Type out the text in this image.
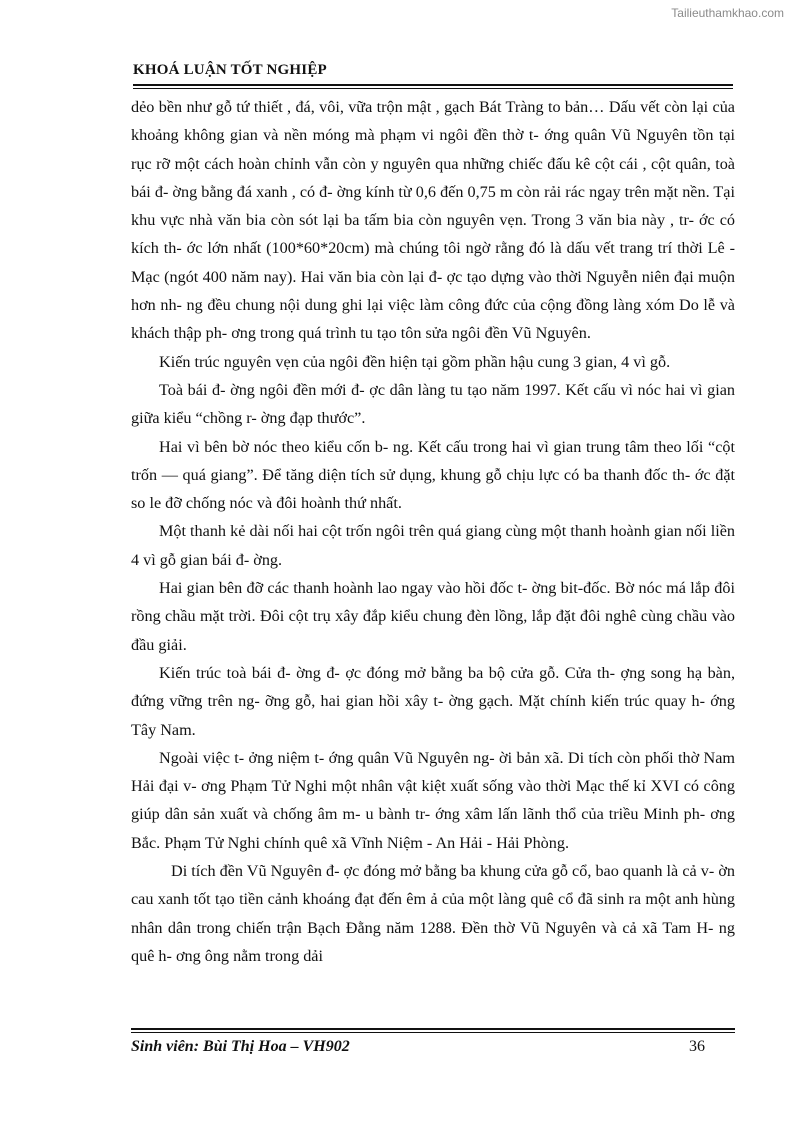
Tailieuthamkhao.com
KHOÁ LUẬN TỐT NGHIỆP

dẻo bền như gỗ tứ thiết , đá, vôi, vữa trộn mật , gạch Bát Tràng to bản… Dấu vết còn lại của khoảng không gian và nền móng mà phạm vi ngôi đền thờ t- ớng quân Vũ Nguyên tồn tại rục rỡ một cách hoàn chỉnh vẫn còn y nguyên qua những chiếc đấu kê cột cái , cột quân, toà bái đ- ờng bằng đá xanh , có đ- ờng kính từ 0,6 đến 0,75 m còn rải rác ngay trên mặt nền. Tại khu vực nhà văn bia còn sót lại ba tấm bia còn nguyên vẹn. Trong 3 văn bia này , tr- ớc có kích th- ớc lớn nhất (100*60*20cm) mà chúng tôi ngờ rằng đó là dấu vết trang trí thời Lê - Mạc (ngót 400 năm nay). Hai văn bia còn lại đ- ợc tạo dựng vào thời Nguyễn niên đại muộn hơn nh- ng đều chung nội dung ghi lại việc làm công đức của cộng đồng làng xóm Do lễ và khách thập ph- ơng trong quá trình tu tạo tôn sửa ngôi đền Vũ Nguyên.

Kiến trúc nguyên vẹn của ngôi đền hiện tại gồm phần hậu cung 3 gian, 4 vì gỗ.

Toà bái đ- ờng ngôi đền mới đ- ợc dân làng tu tạo năm 1997. Kết cấu vì nóc hai vì gian giữa kiểu “chồng r- ờng đạp thước”.

Hai vì bên bờ nóc theo kiểu cốn b- ng. Kết cấu trong hai vì gian trung tâm theo lối “cột trốn — quá giang”. Để tăng diện tích sử dụng, khung gỗ chịu lực có ba thanh đốc th- ớc đặt so le đỡ chống nóc và đôi hoành thứ nhất.

Một thanh kẻ dài nối hai cột trốn ngôi trên quá giang cùng một thanh hoành gian nối liền 4 vì gỗ gian bái đ- ờng.

Hai gian bên đỡ các thanh hoành lao ngay vào hồi đốc t- ờng bit-đốc. Bờ nóc má lắp đôi rồng chầu mặt trời. Đôi cột trụ xây đắp kiểu chung đèn lồng, lắp đặt đôi nghê cùng chầu vào đầu giải.

Kiến trúc toà bái đ- ờng đ- ợc đóng mở bằng ba bộ cửa gỗ. Cửa th- ợng song hạ bàn, đứng vững trên ng- ỡng gỗ, hai gian hồi xây t- ờng gạch. Mặt chính kiến trúc quay h- ớng Tây Nam.

Ngoài việc t- ởng niệm t- ớng quân Vũ Nguyên ng- ời bản xã. Di tích còn phối thờ Nam Hải đại v- ơng Phạm Tử Nghi một nhân vật kiệt xuất sống vào thời Mạc thế kỉ XVI có công giúp dân sản xuất và chống âm m- u bành tr- ớng xâm lấn lãnh thổ của triều Minh ph- ơng Bắc. Phạm Tử Nghi chính quê xã Vĩnh Niệm - An Hải - Hải Phòng.

Di tích đền Vũ Nguyên đ- ợc đóng mở bằng ba khung cửa gỗ cổ, bao quanh là cả v- ờn cau xanh tốt tạo tiền cảnh khoáng đạt đến êm ả của một làng quê cổ đã sinh ra một anh hùng nhân dân trong chiến trận Bạch Đằng năm 1288. Đền thờ Vũ Nguyên và cả xã Tam H- ng quê h- ơng ông nằm trong dải

Sinh viên: Bùi Thị Hoa – VH902	36
